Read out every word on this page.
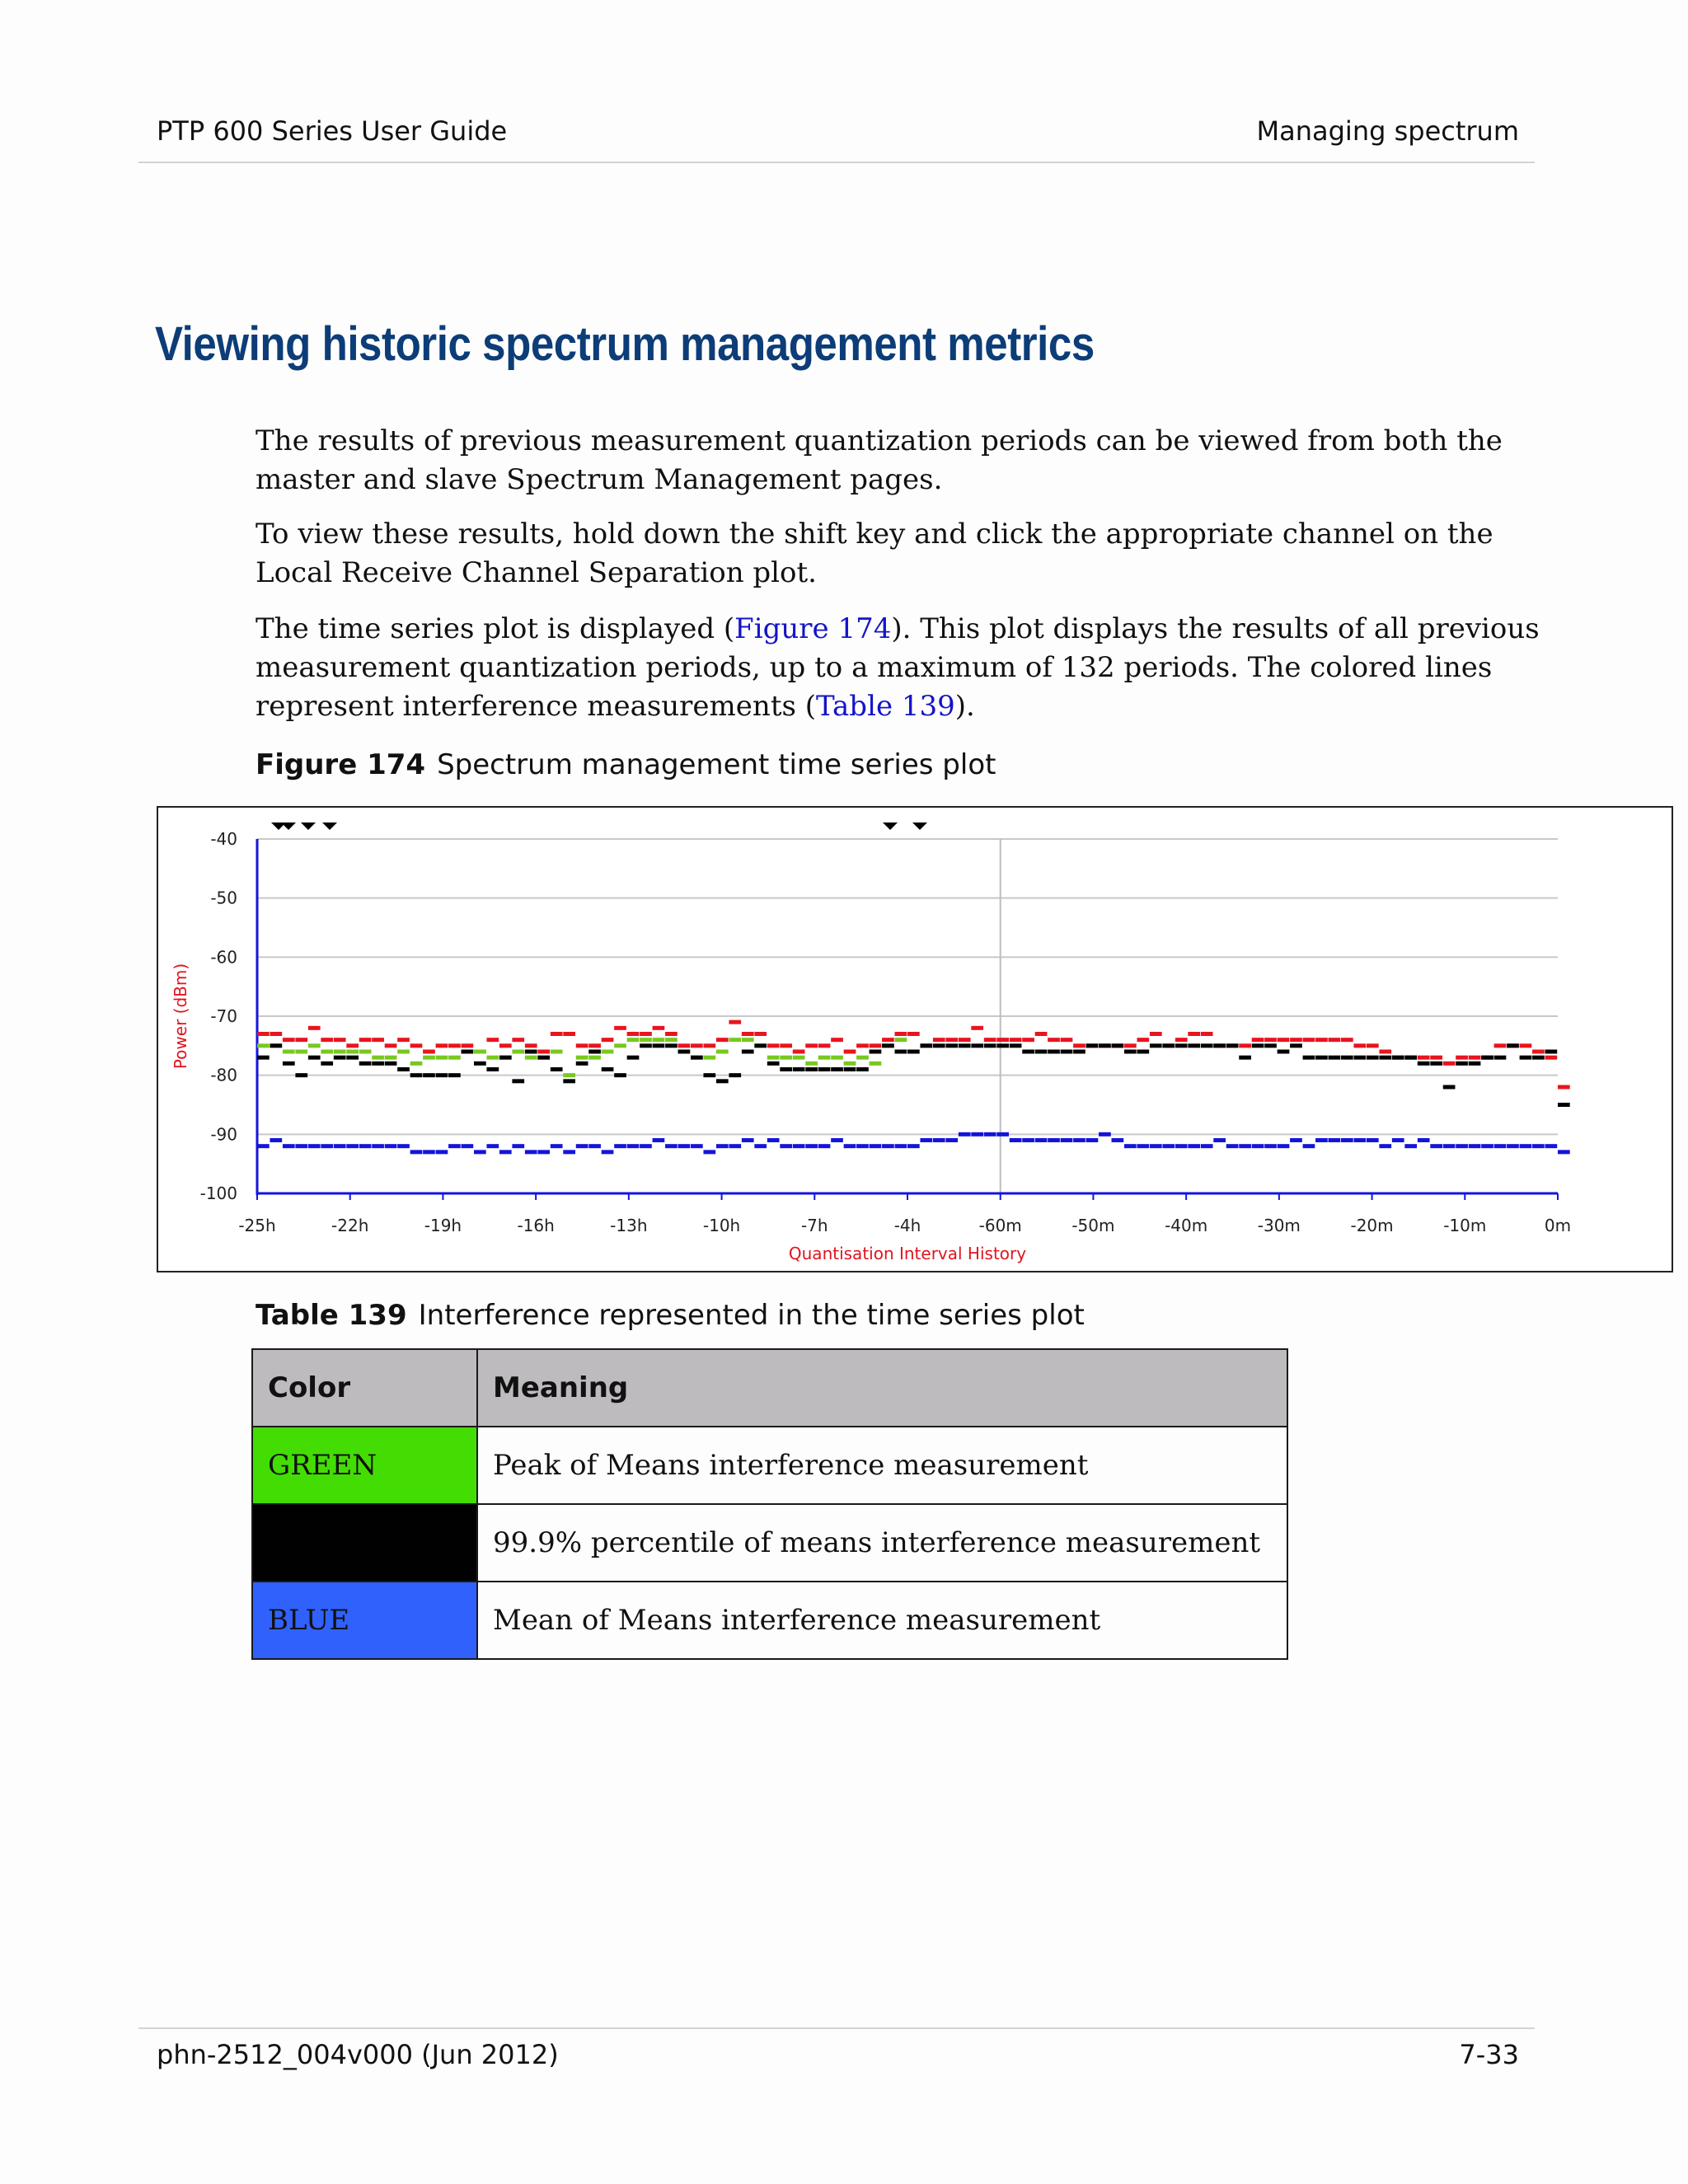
PTP 600 Series User Guide	Managing spectrum
Viewing historic spectrum management metrics

The results of previous measurement quantization periods can be viewed from both the master and slave Spectrum Management pages.

To view these results, hold down the shift key and click the appropriate channel on the Local Receive Channel Separation plot.

The time series plot is displayed (Figure 174). This plot displays the results of all previous measurement quantization periods, up to a maximum of 132 periods. The colored lines represent interference measurements (Table 139).

Figure 174 Spectrum management time series plot
-40
-50
-60
-70
-80
-90
-100
-25h	-22h	-19h	-16h	-13h	-10h	-7h	-4h	-60m	-50m	-40m	-30m	-20m	-10m	0m
Power (dBm)
Quantisation Interval History
Table 139 Interference represented in the time series plot
Color	Meaning
GREEN	Peak of Means interference measurement
	99.9% percentile of means interference measurement
BLUE	Mean of Means interference measurement
phn-2512_004v000 (Jun 2012)	7-33
